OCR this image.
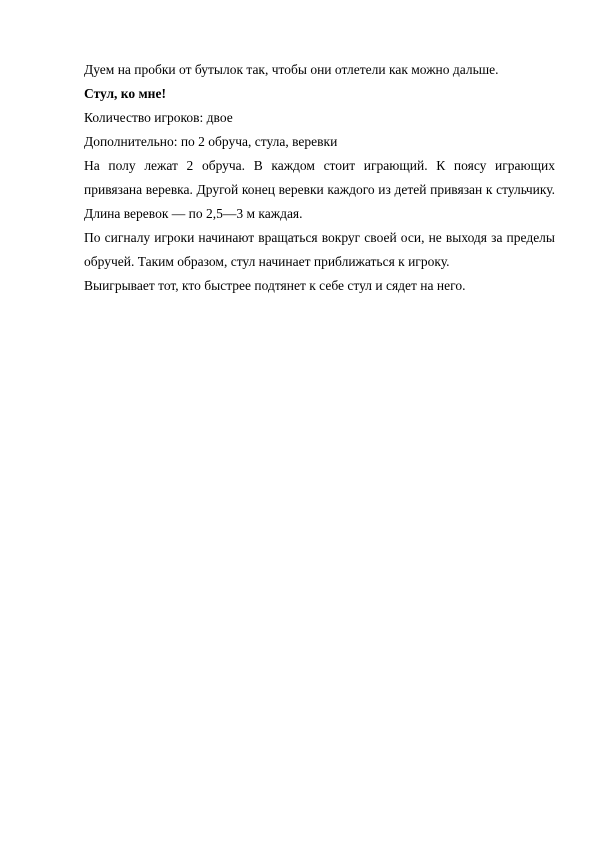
Дуем на пробки от бутылок так, чтобы они отлетели как можно дальше.

Стул, ко мне!

Количество игроков: двое

Дополнительно: по 2 обруча, стула, веревки

На полу лежат 2 обруча. В каждом стоит играющий. К поясу играющих привязана веревка. Другой конец веревки каждого из детей привязан к стульчику. Длина веревок — по 2,5—3 м каждая.

По сигналу игроки начинают вращаться вокруг своей оси, не выходя за пределы обручей. Таким образом, стул начинает приближаться к игроку.

Выигрывает тот, кто быстрее подтянет к себе стул и сядет на него.
